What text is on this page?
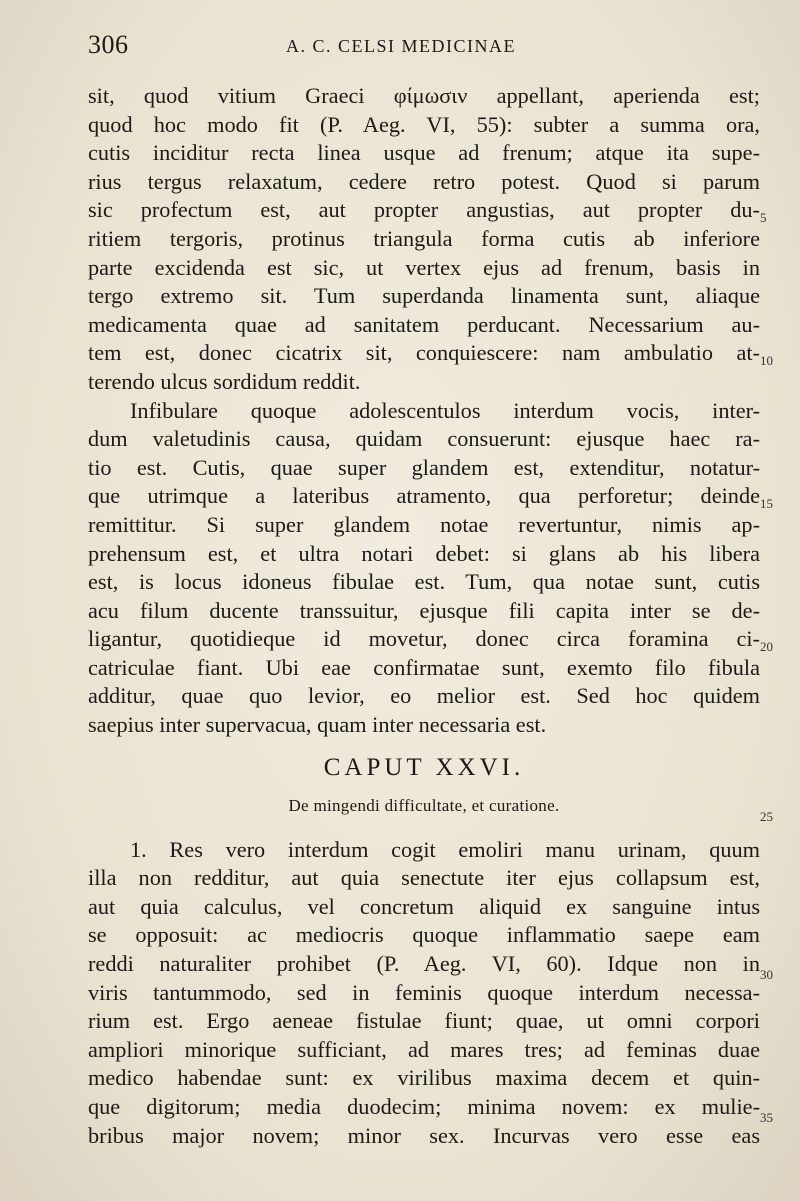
306	A. C. CELSI MEDICINAE
sit, quod vitium Graeci φίμωσιν appellant, aperienda est;
quod hoc modo fit (P. Aeg. VI, 55): subter a summa ora,
cutis inciditur recta linea usque ad frenum; atque ita supe-
rius tergus relaxatum, cedere retro potest. Quod si parum
sic profectum est, aut propter angustias, aut propter du-
ritiem tergoris, protinus triangula forma cutis ab inferiore
parte excidenda est sic, ut vertex ejus ad frenum, basis in
tergo extremo sit. Tum superdanda linamenta sunt, aliaque
medicamenta quae ad sanitatem perducant. Necessarium au-
tem est, donec cicatrix sit, conquiescere: nam ambulatio at-
terendo ulcus sordidum reddit.
Infibulare quoque adolescentulos interdum vocis, inter-
dum valetudinis causa, quidam consuerunt: ejusque haec ra-
tio est. Cutis, quae super glandem est, extenditur, notatur-
que utrimque a lateribus atramento, qua perforetur; deinde
remittitur. Si super glandem notae revertuntur, nimis ap-
prehensum est, et ultra notari debet: si glans ab his libera
est, is locus idoneus fibulae est. Tum, qua notae sunt, cutis
acu filum ducente transsuitur, ejusque fili capita inter se de-
ligantur, quotidieque id movetur, donec circa foramina ci-
catriculae fiant. Ubi eae confirmatae sunt, exemto filo fibula
additur, quae quo levior, eo melior est. Sed hoc quidem
saepius inter supervacua, quam inter necessaria est.
CAPUT XXVI.
De mingendi difficultate, et curatione.
1. Res vero interdum cogit emoliri manu urinam, quum
illa non redditur, aut quia senectute iter ejus collapsum est,
aut quia calculus, vel concretum aliquid ex sanguine intus
se opposuit: ac mediocris quoque inflammatio saepe eam
reddi naturaliter prohibet (P. Aeg. VI, 60). Idque non in
viris tantummodo, sed in feminis quoque interdum necessa-
rium est. Ergo aeneae fistulae fiunt; quae, ut omni corpori
ampliori minorique sufficiant, ad mares tres; ad feminas duae
medico habendae sunt: ex virilibus maxima decem et quin-
que digitorum; media duodecim; minima novem: ex mulie-
bribus major novem; minor sex. Incurvas vero esse eas
5
10
15
20
25
30
35
